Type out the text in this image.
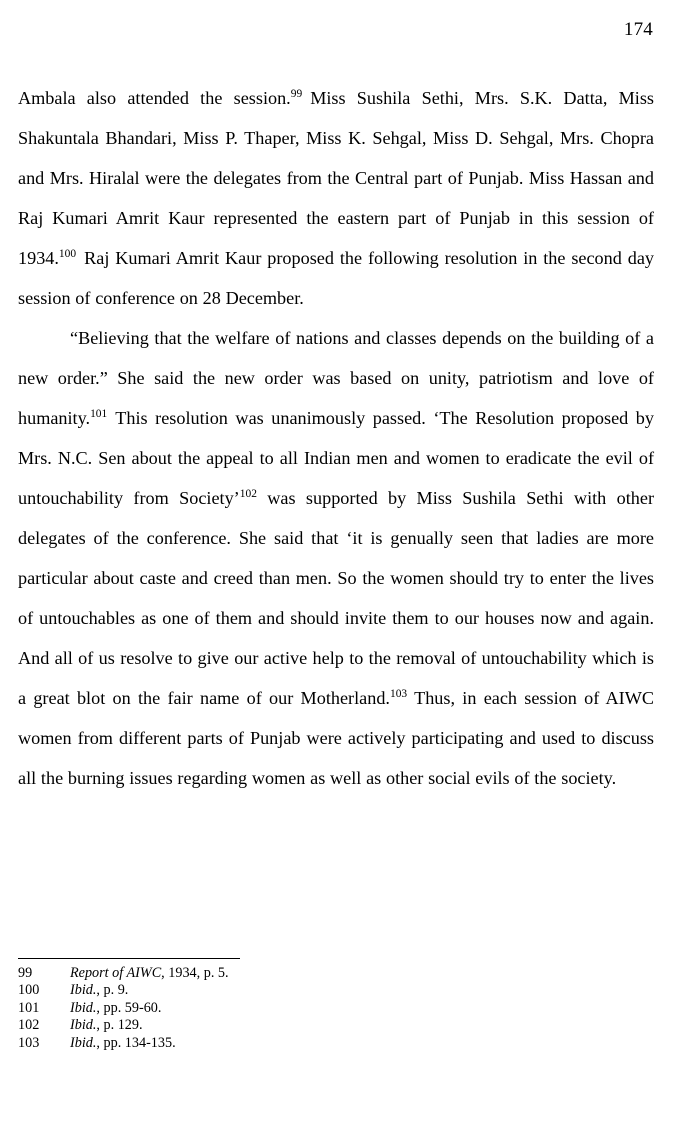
174

Ambala also attended the session.$^{99}$ Miss Sushila Sethi, Mrs. S.K. Datta, Miss Shakuntala Bhandari, Miss P. Thaper, Miss K. Sehgal, Miss D. Sehgal, Mrs. Chopra and Mrs. Hiralal were the delegates from the Central part of Punjab. Miss Hassan and Raj Kumari Amrit Kaur represented the eastern part of Punjab in this session of 1934.$^{100}$ Raj Kumari Amrit Kaur proposed the following resolution in the second day session of conference on 28 December.

“Believing that the welfare of nations and classes depends on the building of a new order.” She said the new order was based on unity, patriotism and love of humanity.$^{101}$ This resolution was unanimously passed. ‘The Resolution proposed by Mrs. N.C. Sen about the appeal to all Indian men and women to eradicate the evil of untouchability from Society’$^{102}$ was supported by Miss Sushila Sethi with other delegates of the conference. She said that ‘it is genually seen that ladies are more particular about caste and creed than men. So the women should try to enter the lives of untouchables as one of them and should invite them to our houses now and again. And all of us resolve to give our active help to the removal of untouchability which is a great blot on the fair name of our Motherland.$^{103}$ Thus, in each session of AIWC women from different parts of Punjab were actively participating and used to discuss all the burning issues regarding women as well as other social evils of the society.

99	Report of AIWC, 1934, p. 5.
100 Ibid., p. 9.
101 Ibid., pp. 59-60.
102 Ibid., p. 129.
103 Ibid., pp. 134-135.
